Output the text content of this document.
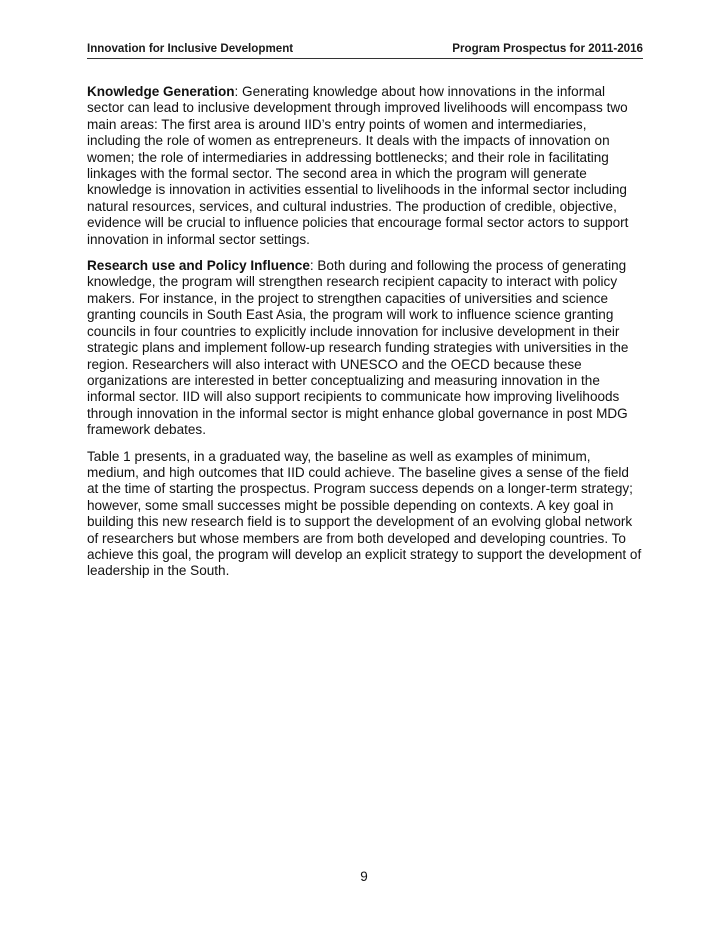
Innovation for Inclusive Development	Program Prospectus for 2011-2016

Knowledge Generation: Generating knowledge about how innovations in the informal sector can lead to inclusive development through improved livelihoods will encompass two main areas: The first area is around IID’s entry points of women and intermediaries, including the role of women as entrepreneurs. It deals with the impacts of innovation on women; the role of intermediaries in addressing bottlenecks; and their role in facilitating linkages with the formal sector. The second area in which the program will generate knowledge is innovation in activities essential to livelihoods in the informal sector including natural resources, services, and cultural industries. The production of credible, objective, evidence will be crucial to influence policies that encourage formal sector actors to support innovation in informal sector settings.

Research use and Policy Influence: Both during and following the process of generating knowledge, the program will strengthen research recipient capacity to interact with policy makers. For instance, in the project to strengthen capacities of universities and science granting councils in South East Asia, the program will work to influence science granting councils in four countries to explicitly include innovation for inclusive development in their strategic plans and implement follow-up research funding strategies with universities in the region. Researchers will also interact with UNESCO and the OECD because these organizations are interested in better conceptualizing and measuring innovation in the informal sector. IID will also support recipients to communicate how improving livelihoods through innovation in the informal sector is might enhance global governance in post MDG framework debates.

Table 1 presents, in a graduated way, the baseline as well as examples of minimum, medium, and high outcomes that IID could achieve. The baseline gives a sense of the field at the time of starting the prospectus. Program success depends on a longer-term strategy; however, some small successes might be possible depending on contexts. A key goal in building this new research field is to support the development of an evolving global network of researchers but whose members are from both developed and developing countries. To achieve this goal, the program will develop an explicit strategy to support the development of leadership in the South.

9
